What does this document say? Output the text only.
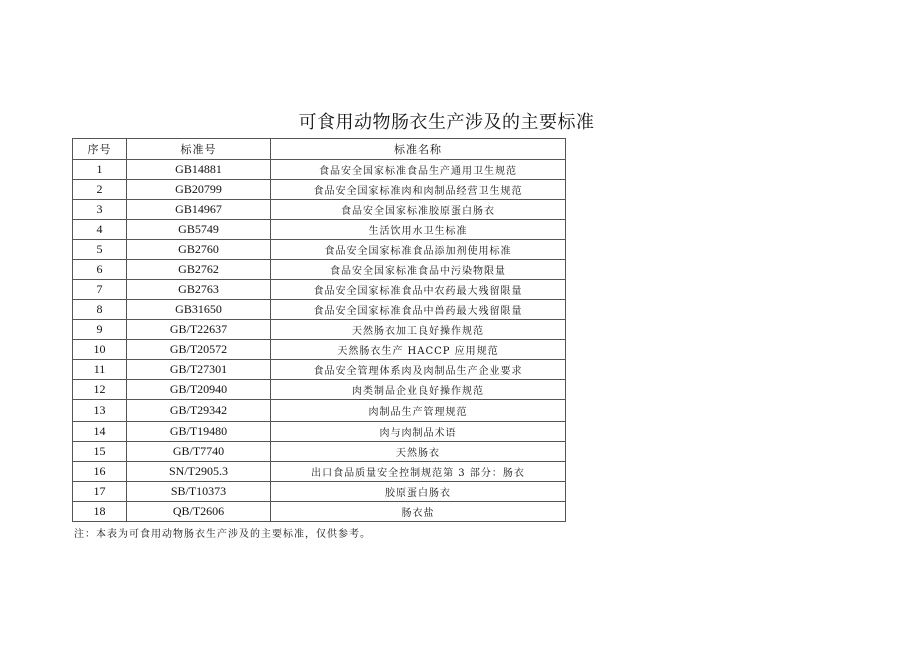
可食用动物肠衣生产涉及的主要标准
序号	标准号	标准名称
1	GB14881	食品安全国家标准食品生产通用卫生规范
2	GB20799	食品安全国家标准肉和肉制品经营卫生规范
3	GB14967	食品安全国家标准胶原蛋白肠衣
4	GB5749	生活饮用水卫生标准
5	GB2760	食品安全国家标准食品添加剂使用标准
6	GB2762	食品安全国家标准食品中污染物限量
7	GB2763	食品安全国家标准食品中农药最大残留限量
8	GB31650	食品安全国家标准食品中兽药最大残留限量
9	GB/T22637	天然肠衣加工良好操作规范
10	GB/T20572	天然肠衣生产 HACCP 应用规范
11	GB/T27301	食品安全管理体系肉及肉制品生产企业要求
12	GB/T20940	肉类制品企业良好操作规范
13	GB/T29342	肉制品生产管理规范
14	GB/T19480	肉与肉制品术语
15	GB/T7740	天然肠衣
16	SN/T2905.3	出口食品质量安全控制规范第 3 部分：肠衣
17	SB/T10373	胶原蛋白肠衣
18	QB/T2606	肠衣盐
注：本表为可食用动物肠衣生产涉及的主要标准，仅供参考。
